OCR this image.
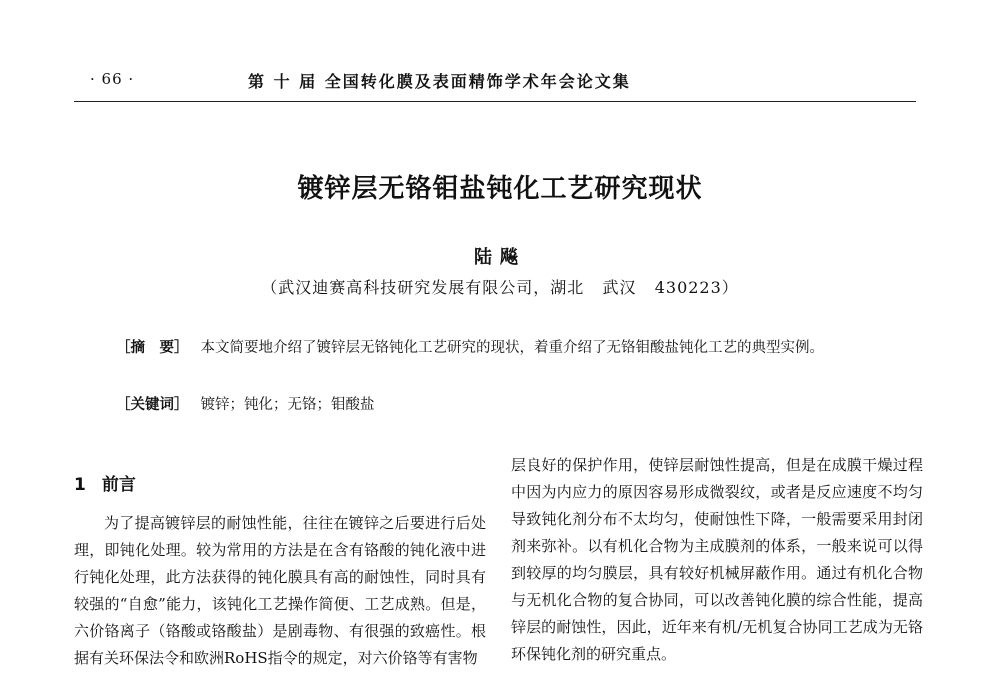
· 66 ·	第 十 届 全国转化膜及表面精饰学术年会论文集
镀锌层无铬钼盐钝化工艺研究现状
陆飚
（武汉迪赛高科技研究发展有限公司，湖北   武汉   430223）
［摘　要］ 本文简要地介绍了镀锌层无铬钝化工艺研究的现状，着重介绍了无铬钼酸盐钝化工艺的典型实例。
［关键词］ 镀锌；钝化；无铬；钼酸盐
1 前言
为了提高镀锌层的耐蚀性能，往往在镀锌之后要进行后处理，即钝化处理。较为常用的方法是在含有铬酸的钝化液中进行钝化处理，此方法获得的钝化膜具有高的耐蚀性，同时具有较强的“自愈”能力，该钝化工艺操作简便、工艺成熟。但是，六价铬离子（铬酸或铬酸盐）是剧毒物、有很强的致癌性。根据有关环保法令和欧洲RoHS指令的规定，对六价铬等有害物
层良好的保护作用，使锌层耐蚀性提高，但是在成膜干燥过程中因为内应力的原因容易形成微裂纹，或者是反应速度不均匀导致钝化剂分布不太均匀，使耐蚀性下降，一般需要采用封闭剂来弥补。以有机化合物为主成膜剂的体系，一般来说可以得到较厚的均匀膜层，具有较好机械屏蔽作用。通过有机化合物与无机化合物的复合协同，可以改善钝化膜的综合性能，提高锌层的耐蚀性，因此，近年来有机/无机复合协同工艺成为无铬环保钝化剂的研究重点。
